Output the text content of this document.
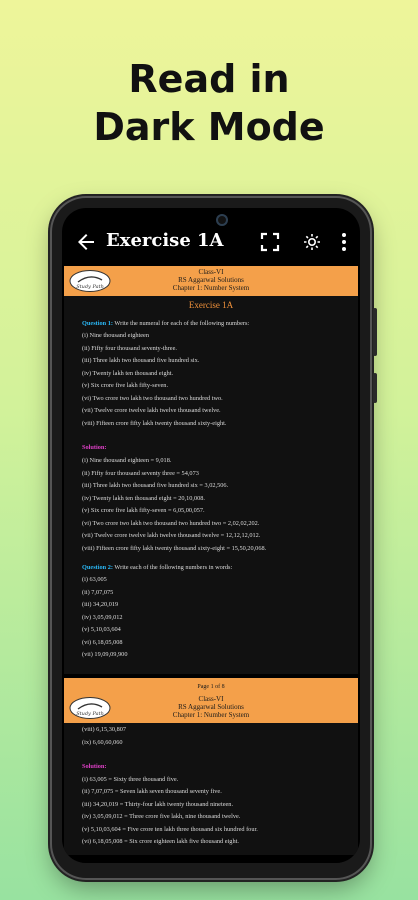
Read in
Dark Mode
Exercise 1A
Study Path
Class-VI
RS Aggarwal Solutions
Chapter 1: Number System
Exercise 1A
Question 1: Write the numeral for each of the following numbers:
(i) Nine thousand eighteen
(ii) Fifty four thousand seventy-three.
(iii) Three lakh two thousand five hundred six.
(iv) Twenty lakh ten thousand eight.
(v) Six crore five lakh fifty-seven.
(vi) Two crore two lakh two thousand two hundred two.
(vii) Twelve crore twelve lakh twelve thousand twelve.
(viii) Fifteen crore fifty lakh twenty thousand sixty-eight.
Solution:
(i) Nine thousand eighteen = 9,018.
(ii) Fifty four thousand seventy three = 54,073
(iii) Three lakh two thousand five hundred six = 3,02,506.
(iv) Twenty lakh ten thousand eight = 20,10,008.
(v) Six crore five lakh fifty-seven = 6,05,00,057.
(vi) Two crore two lakh two thousand two hundred two = 2,02,02,202.
(vii) Twelve crore twelve lakh twelve thousand twelve = 12,12,12,012.
(viii) Fifteen crore fifty lakh twenty thousand sixty-eight = 15,50,20,068.
Question 2: Write each of the following numbers in words:
(i) 63,005
(ii) 7,07,075
(iii) 34,20,019
(iv) 3,05,09,012
(v) 5,10,03,604
(vi) 6,18,05,008
(vii) 19,09,09,900
Page 1 of 8
Study Path
Class-VI
RS Aggarwal Solutions
Chapter 1: Number System
(viii) 6,15,30,807
(ix) 6,60,60,060
Solution:
(i) 63,005 = Sixty three thousand five.
(ii) 7,07,075 = Seven lakh seven thousand seventy five.
(iii) 34,20,019 = Thirty-four lakh twenty thousand nineteen.
(iv) 3,05,09,012 = Three crore five lakh, nine thousand twelve.
(v) 5,10,03,604 = Five crore ten lakh three thousand six hundred four.
(vi) 6,18,05,008 = Six crore eighteen lakh five thousand eight.
